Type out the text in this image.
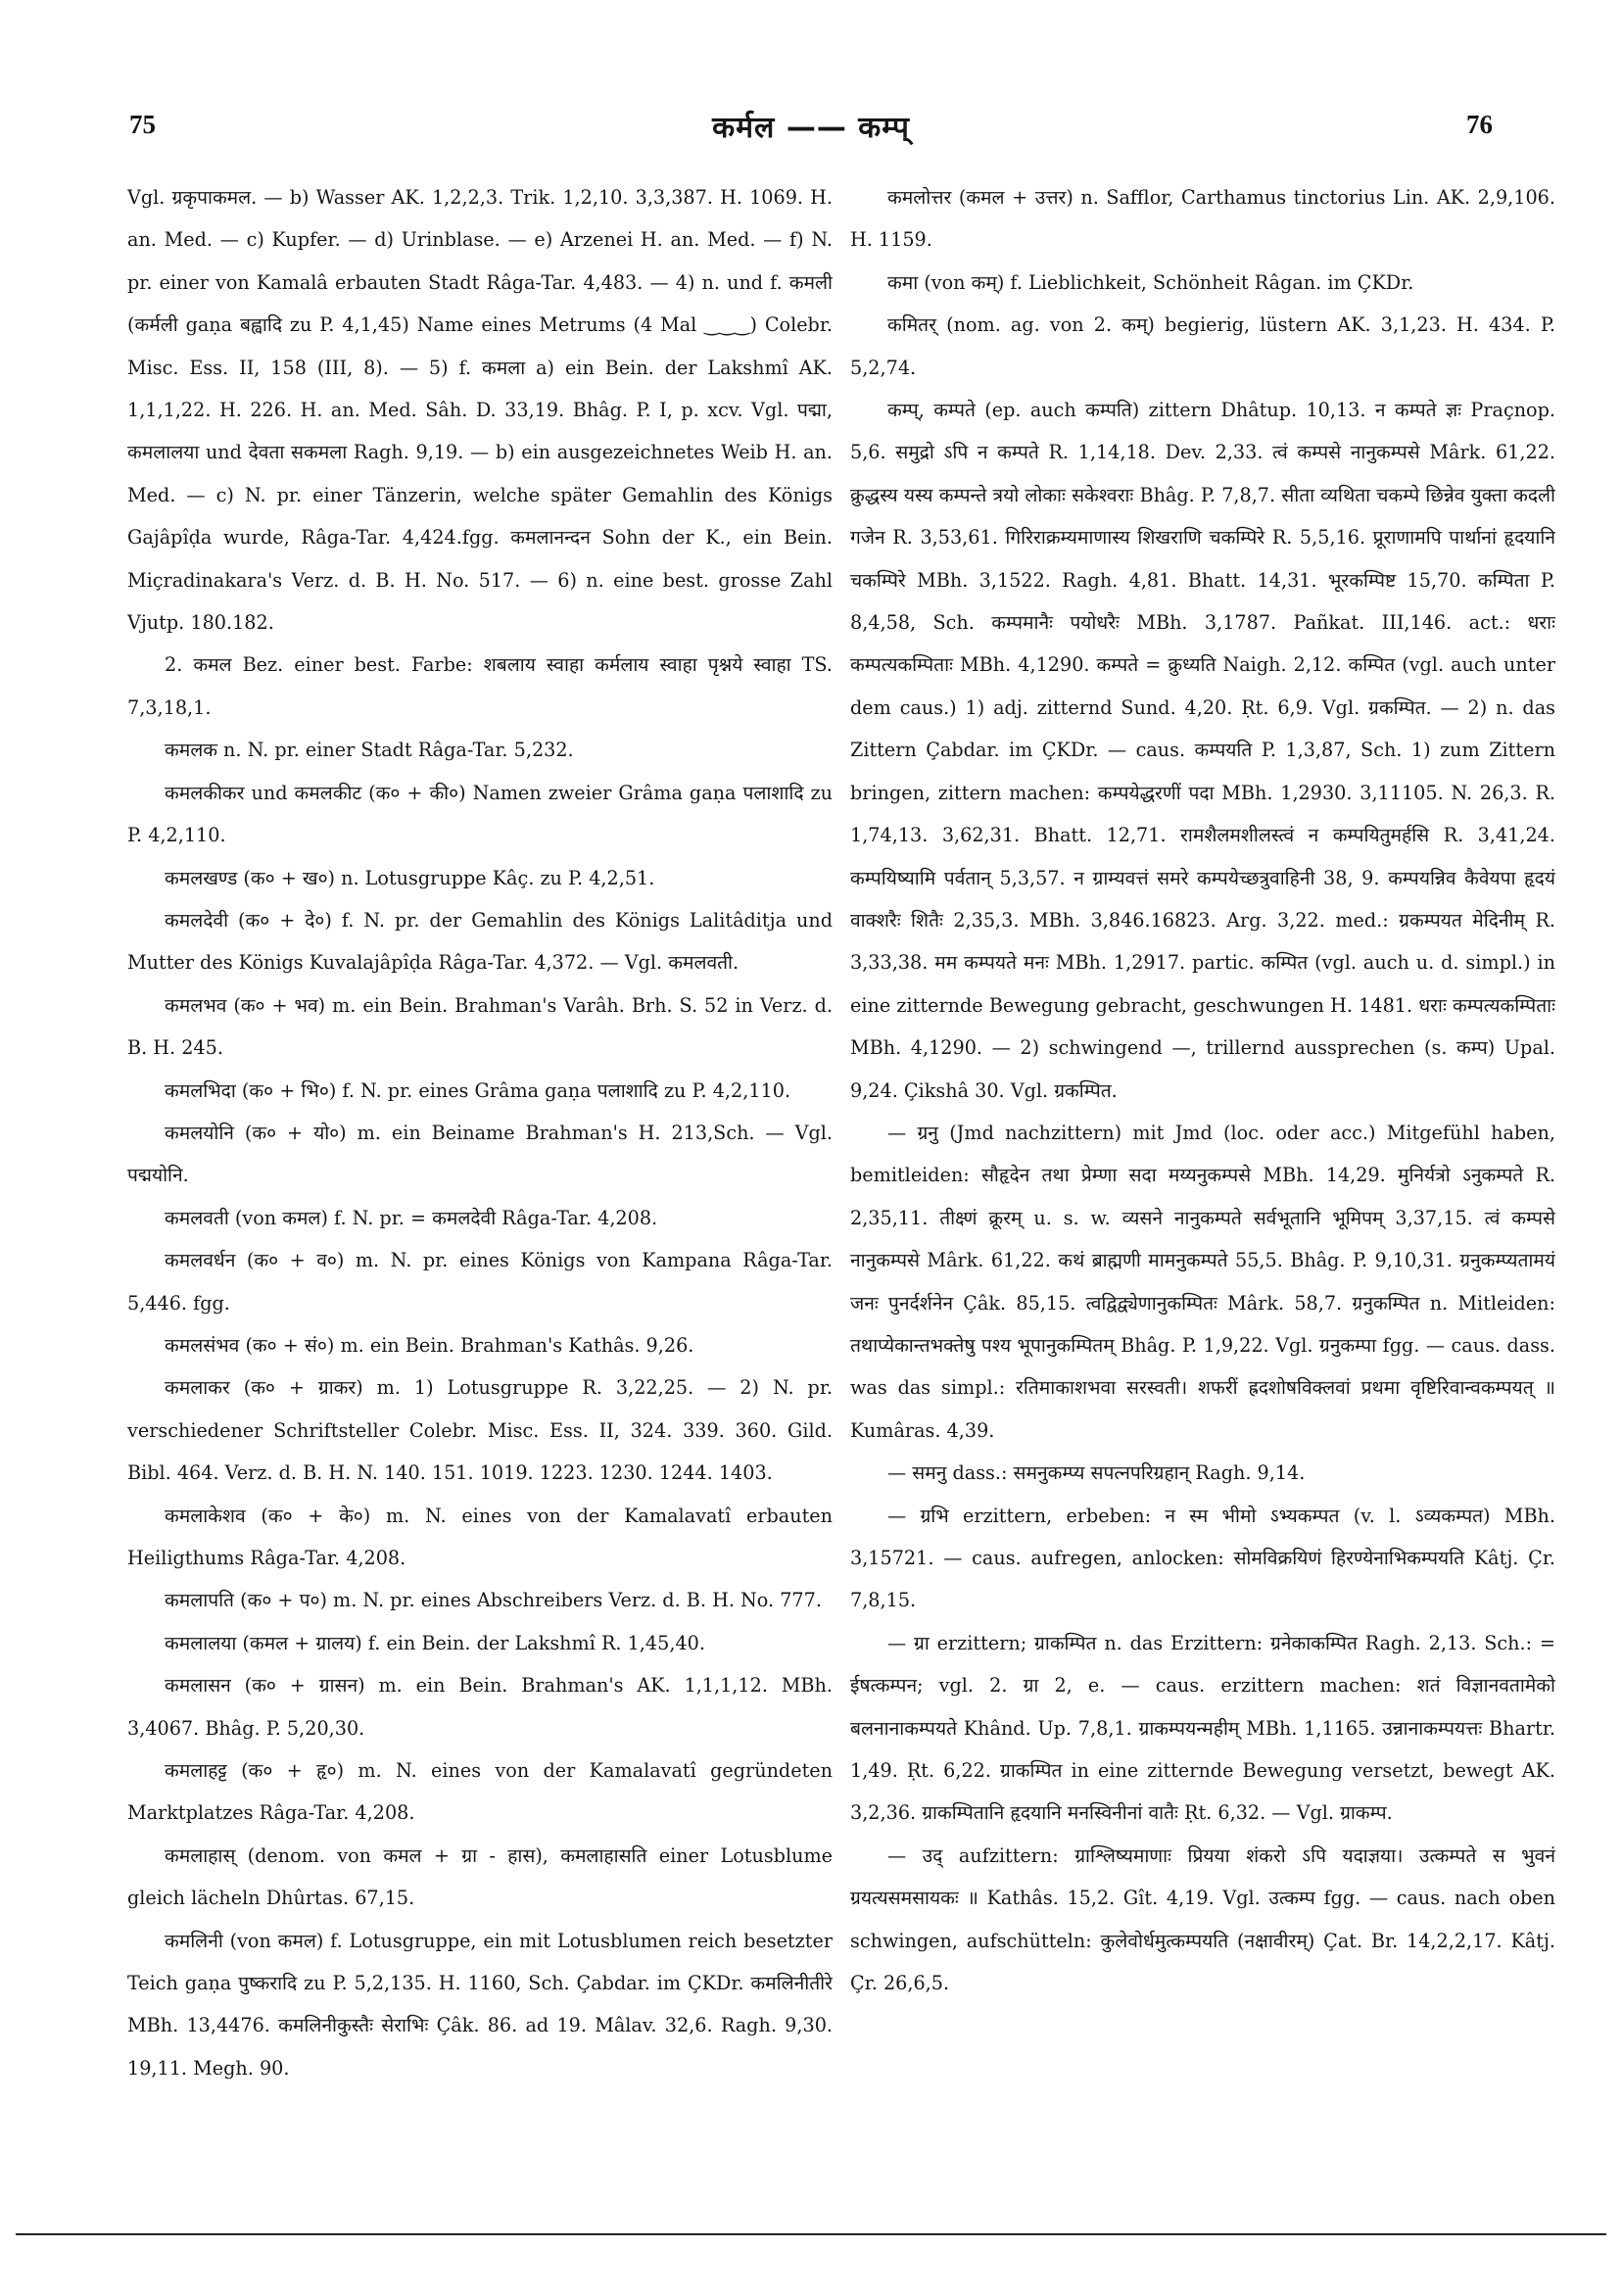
75	कर्मल —— कम्प्	76

Vgl. ग्रकृपाकमल. — b) Wasser AK. 1,2,2,3. Trik. 1,2,10. 3,3,387. H. 1069. H. an. Med. — c) Kupfer. — d) Urinblase. — e) Arzenei H. an. Med. — f) N. pr. einer von Kamalâ erbauten Stadt Râga-Tar. 4,483. — 4) n. und f. कमली (कर्मली gaṇa बह्वादि zu P. 4,1,45) Name eines Metrums (4 Mal ‿‿‿) Colebr. Misc. Ess. II, 158 (III, 8). — 5) f. कमला a) ein Bein. der Lakshmî AK. 1,1,1,22. H. 226. H. an. Med. Sâh. D. 33,19. Bhâg. P. I, p. xcv. Vgl. पद्मा, कमलालया und देवता सकमला Ragh. 9,19. — b) ein ausgezeichnetes Weib H. an. Med. — c) N. pr. einer Tänzerin, welche später Gemahlin des Königs Gajâpîḍa wurde, Râga-Tar. 4,424.fgg. कमलानन्दन Sohn der K., ein Bein. Miçradinakara's Verz. d. B. H. No. 517. — 6) n. eine best. grosse Zahl Vjutp. 180.182.

2. कमल Bez. einer best. Farbe: शबलाय स्वाहा कर्मलाय स्वाहा पृश्नये स्वाहा TS. 7,3,18,1.

कमलक n. N. pr. einer Stadt Râga-Tar. 5,232.

कमलकीकर und कमलकीट (क० + की०) Namen zweier Grâma gaṇa पलाशादि zu P. 4,2,110.

कमलखण्ड (क० + ख०) n. Lotusgruppe Kâç. zu P. 4,2,51.

कमलदेवी (क० + दे०) f. N. pr. der Gemahlin des Königs Lalitâditja und Mutter des Königs Kuvalajâpîḍa Râga-Tar. 4,372. — Vgl. कमलवती.

कमलभव (क० + भव) m. ein Bein. Brahman's Varâh. Brh. S. 52 in Verz. d. B. H. 245.

कमलभिदा (क० + भि०) f. N. pr. eines Grâma gaṇa पलाशादि zu P. 4,2,110.

कमलयोनि (क० + यो०) m. ein Beiname Brahman's H. 213,Sch. — Vgl. पद्मयोनि.

कमलवती (von कमल) f. N. pr. = कमलदेवी Râga-Tar. 4,208.

कमलवर्धन (क० + व०) m. N. pr. eines Königs von Kampana Râga-Tar. 5,446. fgg.

कमलसंभव (क० + सं०) m. ein Bein. Brahman's Kathâs. 9,26.

कमलाकर (क० + ग्राकर) m. 1) Lotusgruppe R. 3,22,25. — 2) N. pr. verschiedener Schriftsteller Colebr. Misc. Ess. II, 324. 339. 360. Gild. Bibl. 464. Verz. d. B. H. N. 140. 151. 1019. 1223. 1230. 1244. 1403.

कमलाकेशव (क० + के०) m. N. eines von der Kamalavatî erbauten Heiligthums Râga-Tar. 4,208.

कमलापति (क० + प०) m. N. pr. eines Abschreibers Verz. d. B. H. No. 777.

कमलालया (कमल + ग्रालय) f. ein Bein. der Lakshmî R. 1,45,40.

कमलासन (क० + ग्रासन) m. ein Bein. Brahman's AK. 1,1,1,12. MBh. 3,4067. Bhâg. P. 5,20,30.

कमलाहट्ट (क० + हृ०) m. N. eines von der Kamalavatî gegründeten Marktplatzes Râga-Tar. 4,208.

कमलाहास् (denom. von कमल + ग्रा - हास), कमलाहासति einer Lotusblume gleich lächeln Dhûrtas. 67,15.

कमलिनी (von कमल) f. Lotusgruppe, ein mit Lotusblumen reich besetzter Teich gaṇa पुष्करादि zu P. 5,2,135. H. 1160, Sch. Çabdar. im ÇKDr. कमलिनीतीरे MBh. 13,4476. कमलिनीकुस्तैः सेराभिः Çâk. 86. ad 19. Mâlav. 32,6. Ragh. 9,30. 19,11. Megh. 90.

कमलोत्तर (कमल + उत्तर) n. Safflor, Carthamus tinctorius Lin. AK. 2,9,106. H. 1159.

कमा (von कम्) f. Lieblichkeit, Schönheit Râgan. im ÇKDr.

कमितर् (nom. ag. von 2. कम्) begierig, lüstern AK. 3,1,23. H. 434. P. 5,2,74.

कम्प्, कम्पते (ep. auch कम्पति) zittern Dhâtup. 10,13. न कम्पते ज्ञः Praçnop. 5,6. समुद्रो ऽपि न कम्पते R. 1,14,18. Dev. 2,33. त्वं कम्पसे नानुकम्पसे Mârk. 61,22. क्रुद्धस्य यस्य कम्पन्ते त्रयो लोकाः सकेश्वराः Bhâg. P. 7,8,7. सीता व्यथिता चकम्पे छिन्नेव युक्ता कदली गजेन R. 3,53,61. गिरिराक्रम्यमाणास्य शिखराणि चकम्पिरे R. 5,5,16. प्रूराणामपि पार्थानां हृदयानि चकम्पिरे MBh. 3,1522. Ragh. 4,81. Bhatt. 14,31. भूरकम्पिष्ट 15,70. कम्पिता P. 8,4,58, Sch. कम्पमानैः पयोधरैः MBh. 3,1787. Pañkat. III,146. act.: धराः कम्पत्यकम्पिताः MBh. 4,1290. कम्पते = क्रुध्यति Naigh. 2,12. कम्पित (vgl. auch unter dem caus.) 1) adj. zitternd Sund. 4,20. Ṛt. 6,9. Vgl. ग्रकम्पित. — 2) n. das Zittern Çabdar. im ÇKDr. — caus. कम्पयति P. 1,3,87, Sch. 1) zum Zittern bringen, zittern machen: कम्पयेद्धरणीं पदा MBh. 1,2930. 3,11105. N. 26,3. R. 1,74,13. 3,62,31. Bhatt. 12,71. रामशैलमशीलस्त्वं न कम्पयितुमर्हसि R. 3,41,24. कम्पयिष्यामि पर्वतान् 5,3,57. न ग्राम्यवत्तं समरे कम्पयेच्छत्रुवाहिनी 38, 9. कम्पयन्निव कैवेयपा हृदयं वाक्शरैः शितैः 2,35,3. MBh. 3,846.16823. Arg. 3,22. med.: ग्रकम्पयत मेदिनीम् R. 3,33,38. मम कम्पयते मनः MBh. 1,2917. partic. कम्पित (vgl. auch u. d. simpl.) in eine zitternde Bewegung gebracht, geschwungen H. 1481. धराः कम्पत्यकम्पिताः MBh. 4,1290. — 2) schwingend —, trillernd aussprechen (s. कम्प) Upal. 9,24. Çikshâ 30. Vgl. ग्रकम्पित.

— ग्रनु (Jmd nachzittern) mit Jmd (loc. oder acc.) Mitgefühl haben, bemitleiden: सौहृदेन तथा प्रेम्णा सदा मय्यनुकम्पसे MBh. 14,29. मुनिर्यत्रो ऽनुकम्पते R. 2,35,11. तीक्ष्णं क्रूरम् u. s. w. व्यसने नानुकम्पते सर्वभूतानि भूमिपम् 3,37,15. त्वं कम्पसे नानुकम्पसे Mârk. 61,22. कथं ब्राह्मणी मामनुकम्पते 55,5. Bhâg. P. 9,10,31. ग्रनुकम्प्यतामयं जनः पुनर्दर्शनेन Çâk. 85,15. त्वद्विद्व्येणानुकम्पितः Mârk. 58,7. ग्रनुकम्पित n. Mitleiden: तथाप्येकान्तभक्तेषु पश्य भूपानुकम्पितम् Bhâg. P. 1,9,22. Vgl. ग्रनुकम्पा fgg. — caus. dass. was das simpl.: रतिमाकाशभवा सरस्वती। शफरीं ह्रदशोषविक्लवां प्रथमा वृष्टिरिवान्वकम्पयत् ॥ Kumâras. 4,39.

— समनु dass.: समनुकम्प्य सपत्नपरिग्रहान् Ragh. 9,14.

— ग्रभि erzittern, erbeben: न स्म भीमो ऽभ्यकम्पत (v. l. ऽव्यकम्पत) MBh. 3,15721. — caus. aufregen, anlocken: सोमविक्रयिणं हिरण्येनाभिकम्पयति Kâtj. Çr. 7,8,15.

— ग्रा erzittern; ग्राकम्पित n. das Erzittern: ग्रनेकाकम्पित Ragh. 2,13. Sch.: = ईषत्कम्पन; vgl. 2. ग्रा 2, e. — caus. erzittern machen: शतं विज्ञानवतामेको बलनानाकम्पयते Khând. Up. 7,8,1. ग्राकम्पयन्महीम् MBh. 1,1165. उन्नानाकम्पयत्तः Bhartr. 1,49. Ṛt. 6,22. ग्राकम्पित in eine zitternde Bewegung versetzt, bewegt AK. 3,2,36. ग्राकम्पितानि हृदयानि मनस्विनीनां वातैः Ṛt. 6,32. — Vgl. ग्राकम्प.

— उद् aufzittern: ग्राश्लिष्यमाणाः प्रियया शंकरो ऽपि यदाज्ञया। उत्कम्पते स भुवनं ग्रयत्यसमसायकः ॥ Kathâs. 15,2. Gît. 4,19. Vgl. उत्कम्प fgg. — caus. nach oben schwingen, aufschütteln: कुलेवोर्धमुत्कम्पयति (नक्षावीरम्) Çat. Br. 14,2,2,17. Kâtj. Çr. 26,6,5.
